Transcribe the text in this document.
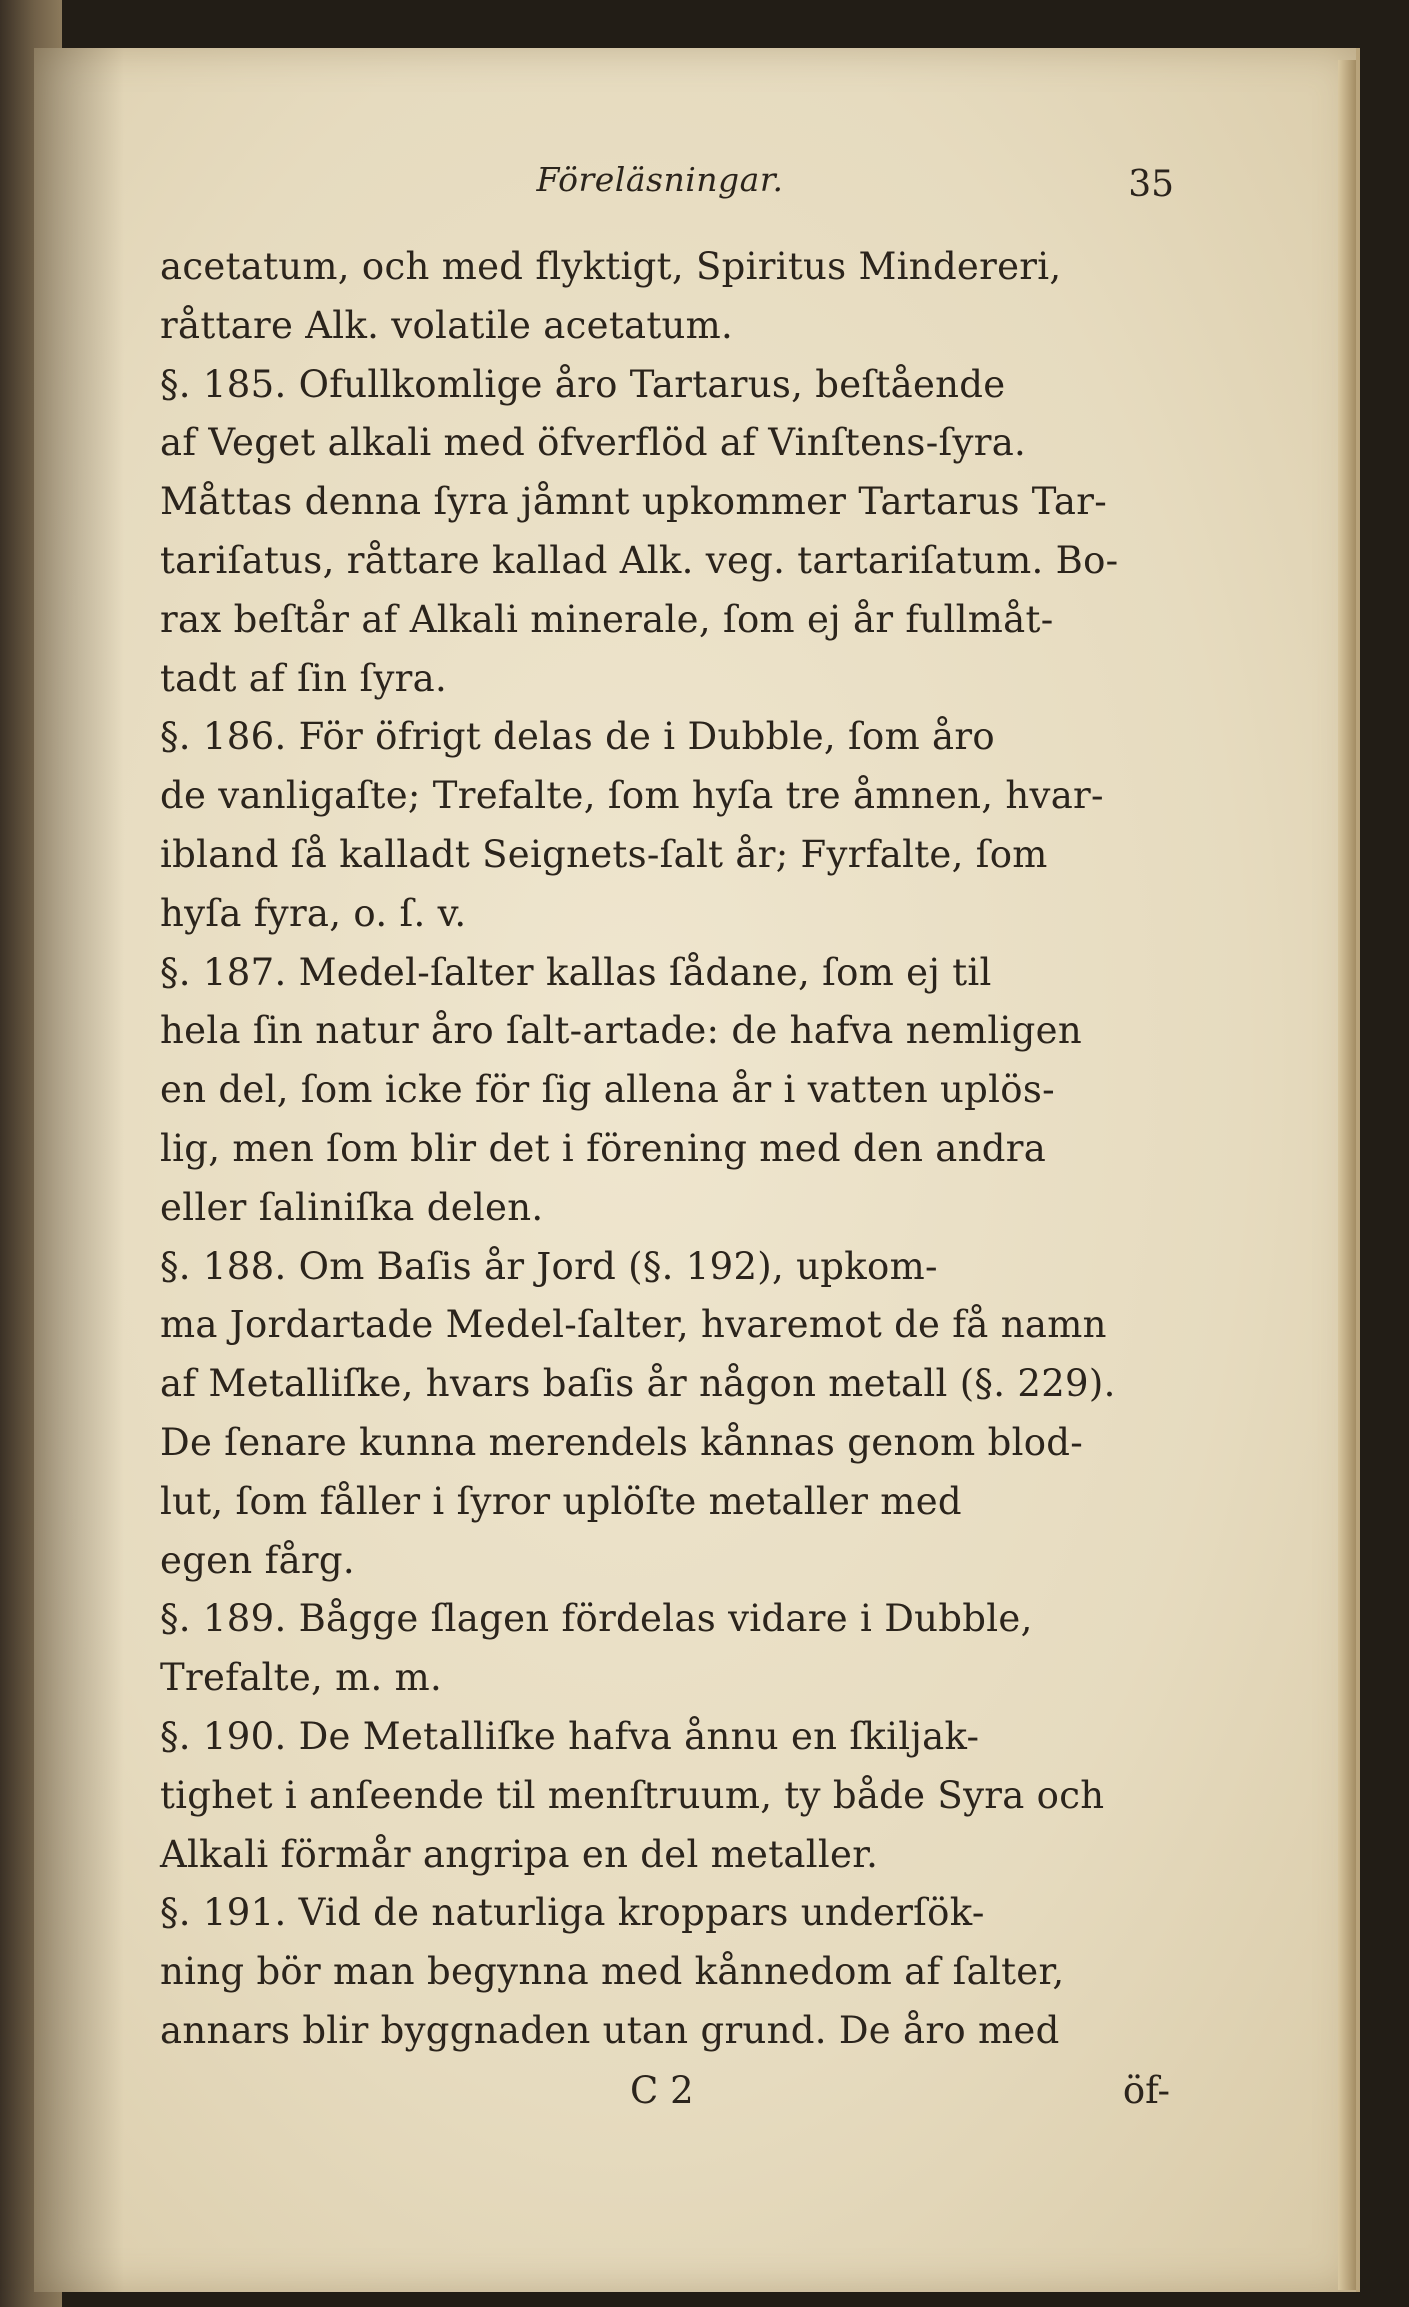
Föreläsningar.	35
acetatum, och med flyktigt, Spiritus Mindereri,
råttare Alk. volatile acetatum.
§. 185. Ofullkomlige åro Tartarus, beſtående
af Veget alkali med öfverflöd af Vinſtens-ſyra.
Måttas denna ſyra jåmnt upkommer Tartarus Tar-
tariſatus, råttare kallad Alk. veg. tartariſatum. Bo-
rax beſtår af Alkali minerale, ſom ej år fullmåt-
tadt af ſin ſyra.
§. 186. För öfrigt delas de i Dubble, ſom åro
de vanligaſte; Trefalte, ſom hyſa tre åmnen, hvar-
ibland ſå kalladt Seignets-ſalt år; Fyrfalte, ſom
hyſa fyra, o. ſ. v.
§. 187. Medel-ſalter kallas ſådane, ſom ej til
hela ſin natur åro ſalt-artade: de hafva nemligen
en del, ſom icke för ſig allena år i vatten uplös-
lig, men ſom blir det i förening med den andra
eller ſaliniſka delen.
§. 188. Om Baſis år Jord (§. 192), upkom-
ma Jordartade Medel-ſalter, hvaremot de få namn
af Metalliſke, hvars baſis år någon metall (§. 229).
De ſenare kunna merendels kånnas genom blod-
lut, ſom fåller i ſyror uplöſte metaller med
egen fårg.
§. 189. Bågge ſlagen fördelas vidare i Dubble,
Trefalte, m. m.
§. 190. De Metalliſke hafva ånnu en ſkiljak-
tighet i anſeende til menſtruum, ty både Syra och
Alkali förmår angripa en del metaller.
§. 191. Vid de naturliga kroppars underſök-
ning bör man begynna med kånnedom af ſalter,
annars blir byggnaden utan grund. De åro med
C 2	öf-
